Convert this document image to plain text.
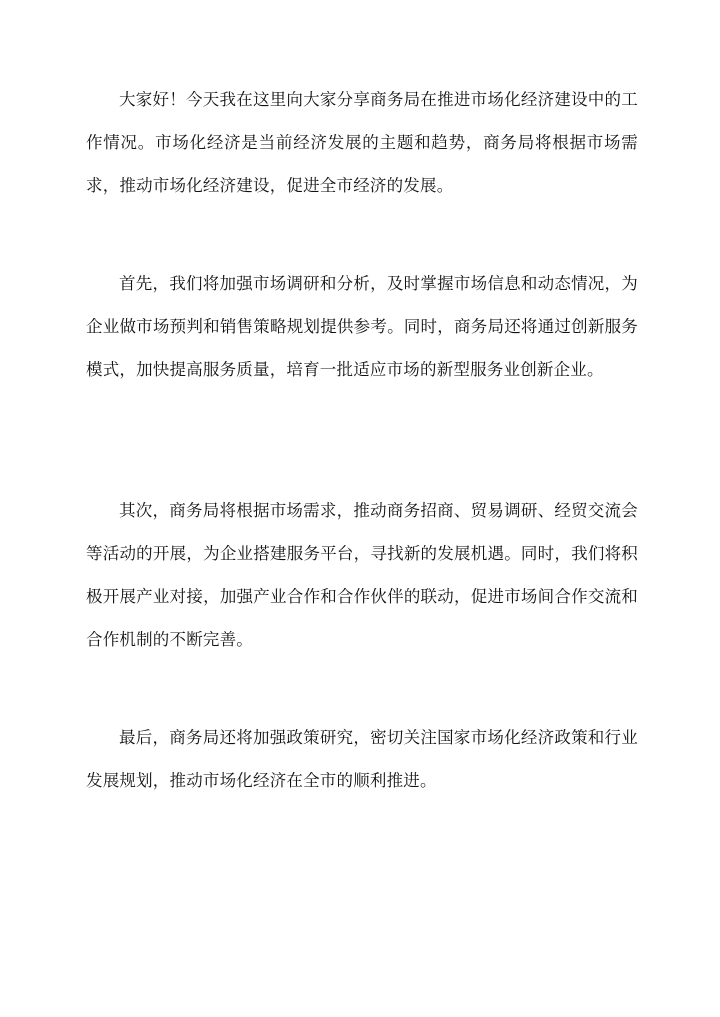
大家好！今天我在这里向大家分享商务局在推进市场化经济建设中的工作情况。市场化经济是当前经济发展的主题和趋势，商务局将根据市场需求，推动市场化经济建设，促进全市经济的发展。

首先，我们将加强市场调研和分析，及时掌握市场信息和动态情况，为企业做市场预判和销售策略规划提供参考。同时，商务局还将通过创新服务模式，加快提高服务质量，培育一批适应市场的新型服务业创新企业。

其次，商务局将根据市场需求，推动商务招商、贸易调研、经贸交流会等活动的开展，为企业搭建服务平台，寻找新的发展机遇。同时，我们将积极开展产业对接，加强产业合作和合作伙伴的联动，促进市场间合作交流和合作机制的不断完善。

最后，商务局还将加强政策研究，密切关注国家市场化经济政策和行业发展规划，推动市场化经济在全市的顺利推进。
